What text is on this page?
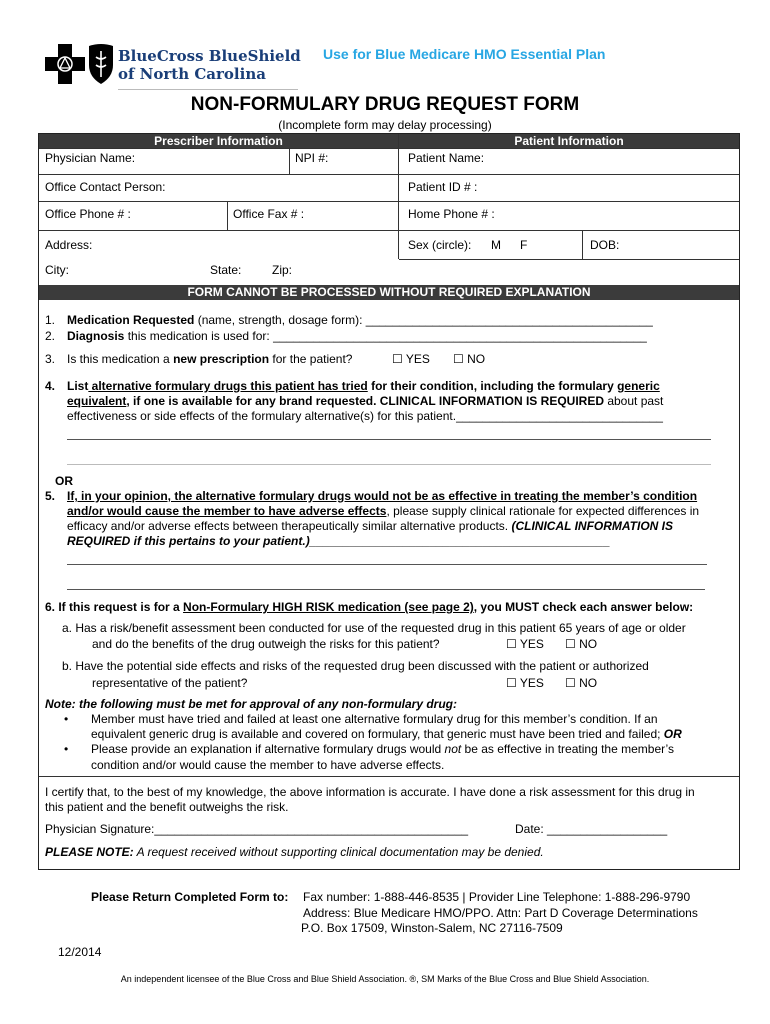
BlueCross BlueShield
of North Carolina
Use for Blue Medicare HMO Essential Plan
NON-FORMULARY DRUG REQUEST FORM
(Incomplete form may delay processing)
Prescriber Information	Patient Information
Physician Name:	NPI #:
Office Contact Person:
Office Phone # :	Office Fax # :
Address:
City:	State:	Zip:
Patient Name:
Patient ID # :
Home Phone # :
Sex (circle): M F	DOB:
FORM CANNOT BE PROCESSED WITHOUT REQUIRED EXPLANATION
1. Medication Requested (name, strength, dosage form): ___________________________________________
2. Diagnosis this medication is used for: ________________________________________________________
3. Is this medication a new prescription for the patient?	☐ YES ☐ NO
4. List alternative formulary drugs this patient has tried for their condition, including the formulary generic
equivalent, if one is available for any brand requested. CLINICAL INFORMATION IS REQUIRED about past
effectiveness or side effects of the formulary alternative(s) for this patient._______________________________
OR
5. If, in your opinion, the alternative formulary drugs would not be as effective in treating the member’s condition
and/or would cause the member to have adverse effects, please supply clinical rationale for expected differences in
efficacy and/or adverse effects between therapeutically similar alternative products. (CLINICAL INFORMATION IS
REQUIRED if this pertains to your patient.)_____________________________________________
6. If this request is for a Non-Formulary HIGH RISK medication (see page 2), you MUST check each answer below:
a. Has a risk/benefit assessment been conducted for use of the requested drug in this patient 65 years of age or older
and do the benefits of the drug outweigh the risks for this patient?	☐ YES ☐ NO
b. Have the potential side effects and risks of the requested drug been discussed with the patient or authorized
representative of the patient?	☐ YES ☐ NO
Note: the following must be met for approval of any non-formulary drug:
• Member must have tried and failed at least one alternative formulary drug for this member’s condition. If an
equivalent generic drug is available and covered on formulary, that generic must have been tried and failed; OR
• Please provide an explanation if alternative formulary drugs would not be as effective in treating the member’s
condition and/or would cause the member to have adverse effects.
I certify that, to the best of my knowledge, the above information is accurate. I have done a risk assessment for this drug in
this patient and the benefit outweighs the risk.
Physician Signature:_______________________________________________	Date: __________________
PLEASE NOTE: A request received without supporting clinical documentation may be denied.
Please Return Completed Form to: Fax number: 1-888-446-8535 | Provider Line Telephone: 1-888-296-9790
Address: Blue Medicare HMO/PPO. Attn: Part D Coverage Determinations
P.O. Box 17509, Winston-Salem, NC 27116-7509
12/2014
An independent licensee of the Blue Cross and Blue Shield Association. ®, SM Marks of the Blue Cross and Blue Shield Association.
